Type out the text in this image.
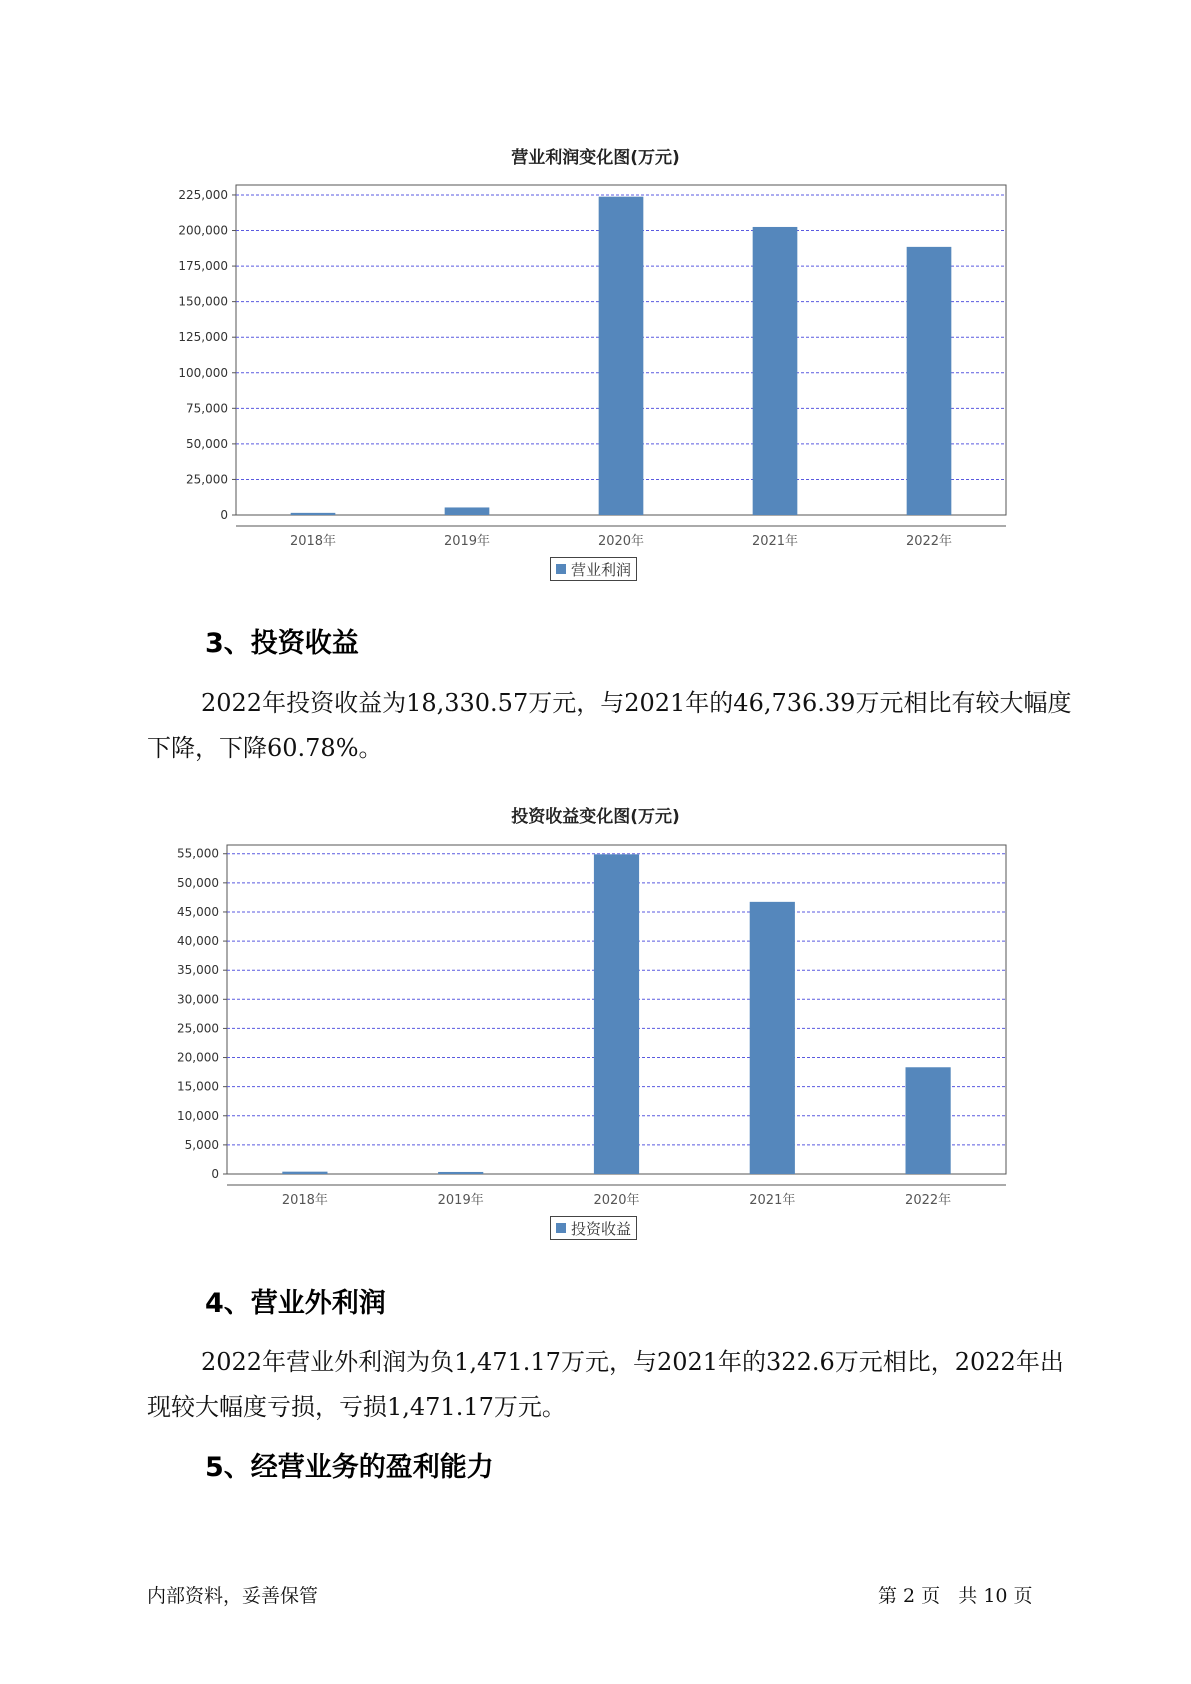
营业利润变化图(万元)
0
25,000
50,000
75,000
100,000
125,000
150,000
175,000
200,000
225,000
2018年	2019年	2020年	2021年	2022年
营业利润
3、投资收益

2022年投资收益为18,330.57万元，与2021年的46,736.39万元相比有较大幅度下降，下降60.78%。

投资收益变化图(万元)
0
5,000
10,000
15,000
20,000
25,000
30,000
35,000
40,000
45,000
50,000
55,000
2018年	2019年	2020年	2021年	2022年
投资收益
4、营业外利润

2022年营业外利润为负1,471.17万元，与2021年的322.6万元相比，2022年出现较大幅度亏损，亏损1,471.17万元。

5、经营业务的盈利能力
内部资料，妥善保管	第 2 页   共 10 页
